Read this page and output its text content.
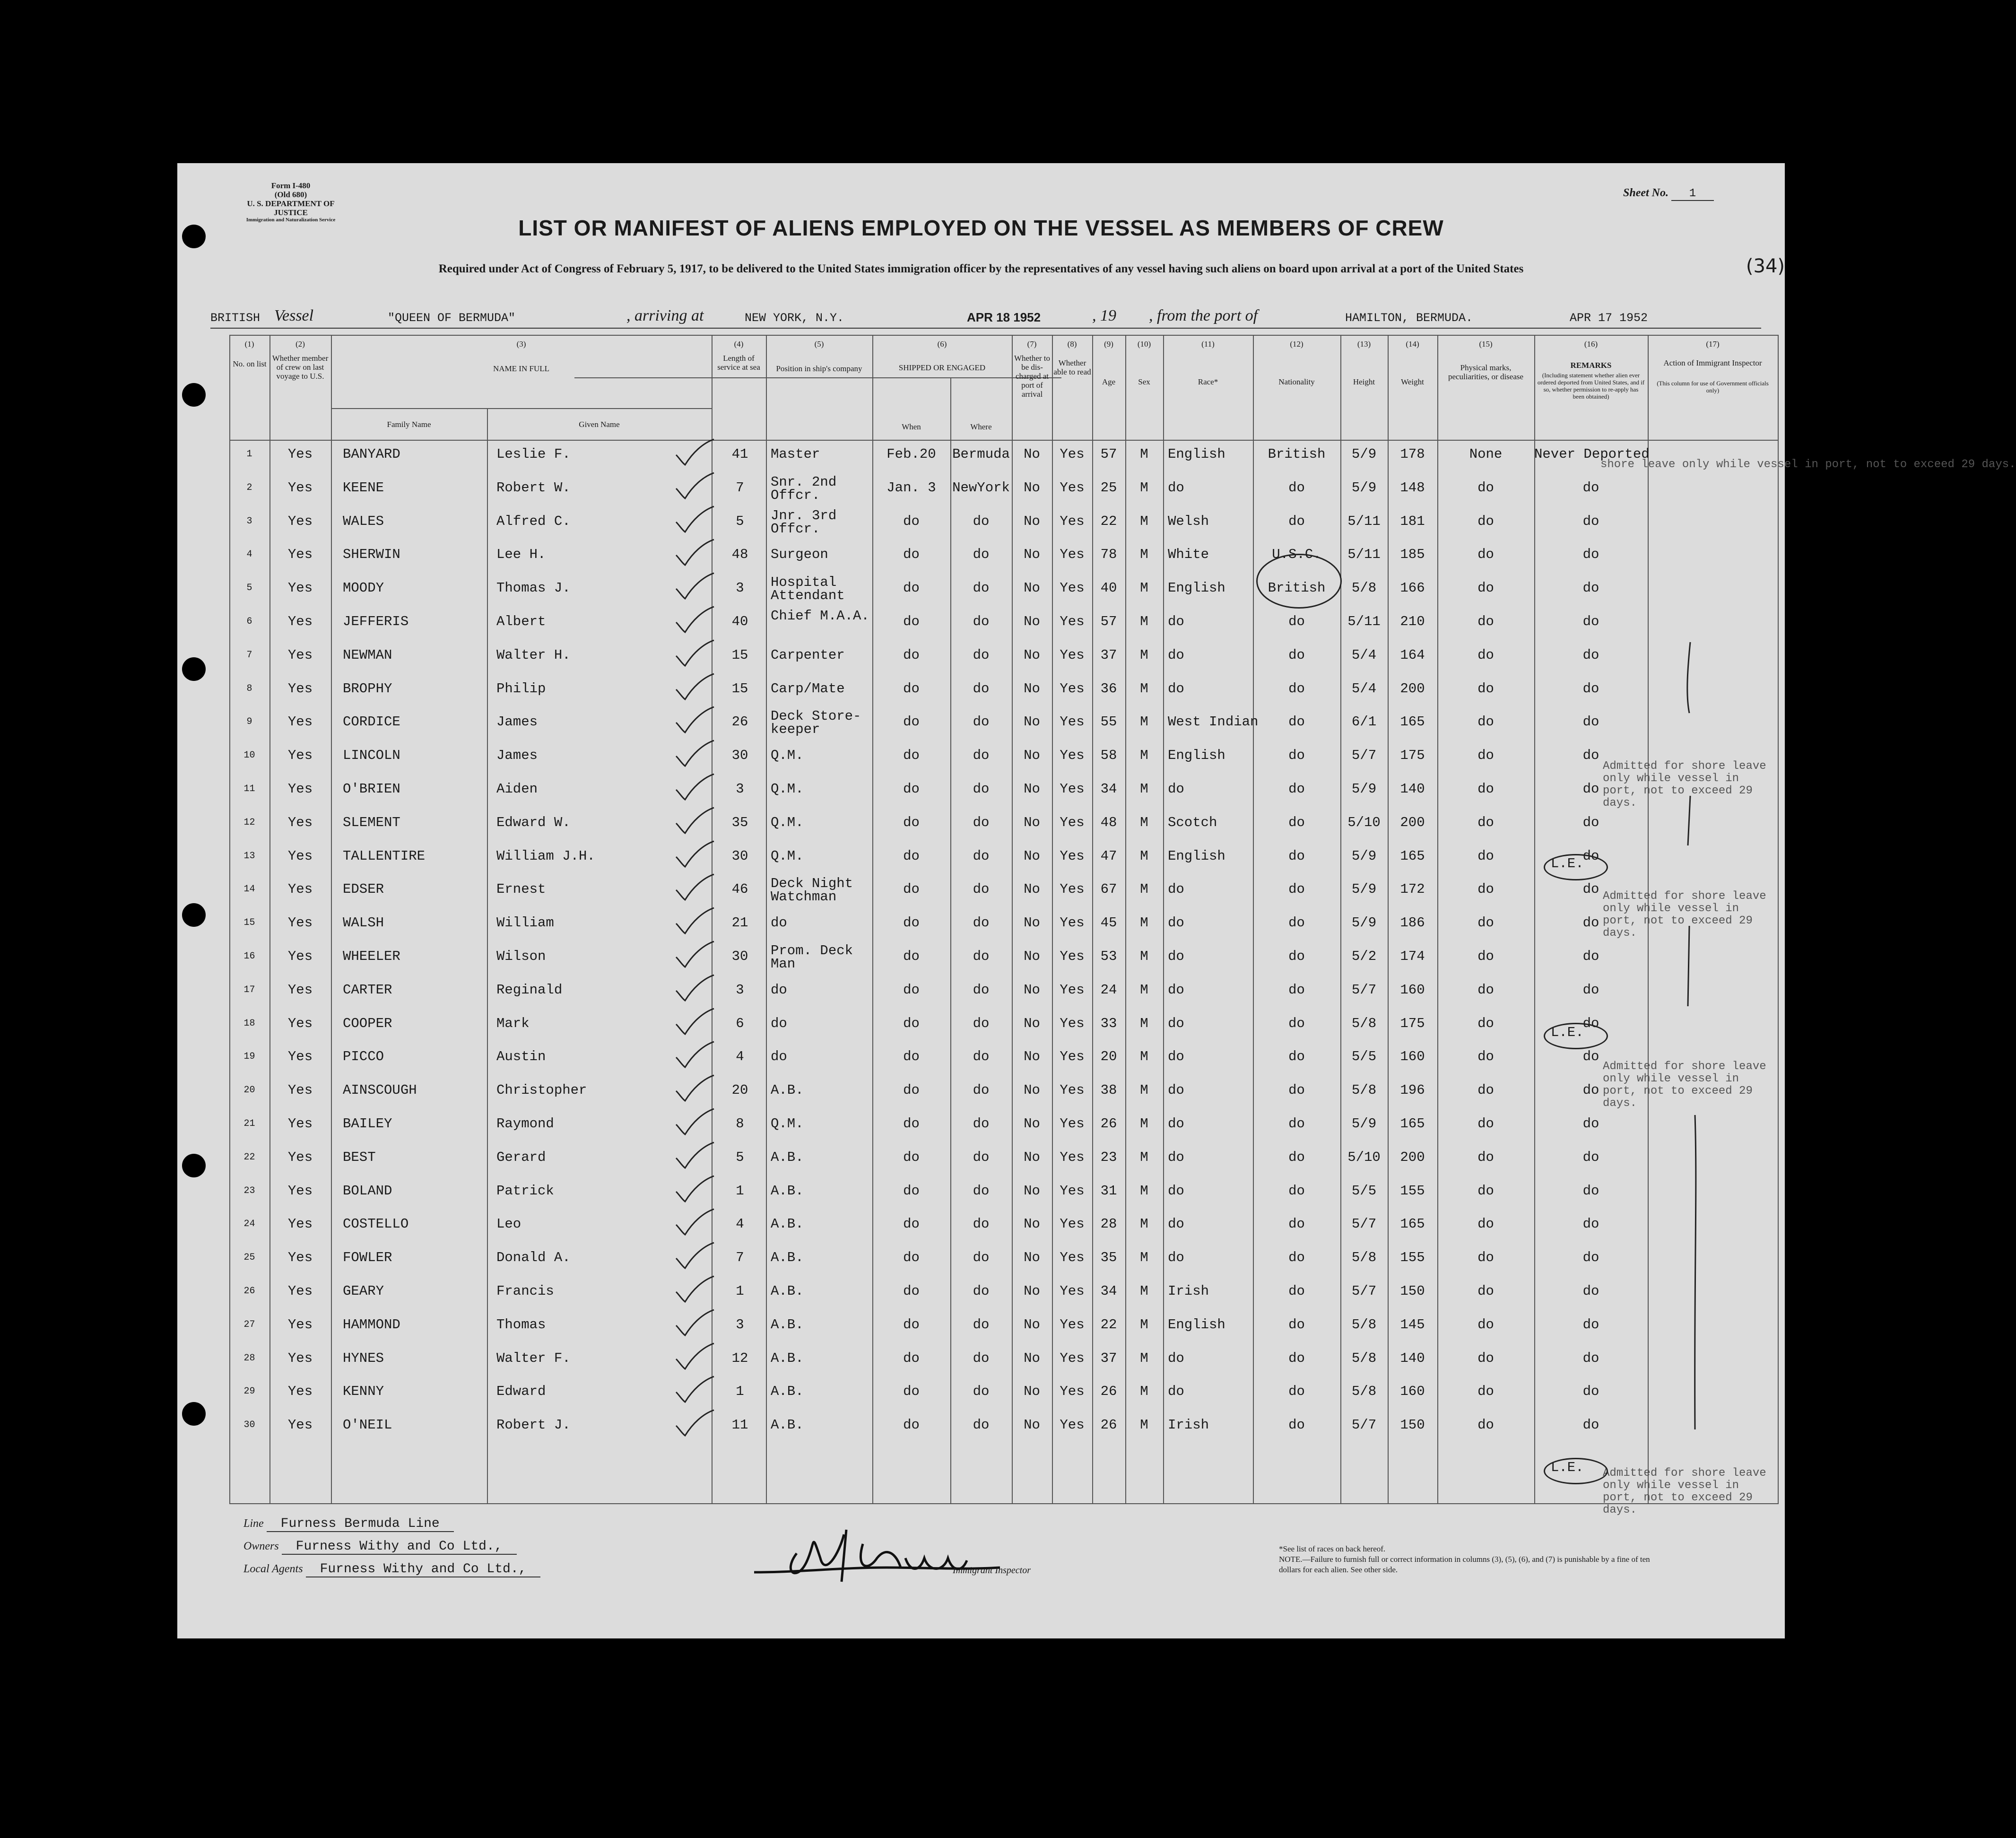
Form I-480
(Old 680)
U. S. DEPARTMENT OF JUSTICE
Immigration and Naturalization Service
Sheet No. 1
(34)
LIST OR MANIFEST OF ALIENS EMPLOYED ON THE VESSEL AS MEMBERS OF CREW
Required under Act of Congress of February 5, 1917, to be delivered to the United States immigration officer by the representatives of any vessel having such aliens on board upon arrival at a port of the United States
BRITISH Vessel	"QUEEN OF BERMUDA"	, arriving at	NEW YORK, N.Y.	APR 18 1952	, 19 , from the port of	HAMILTON, BERMUDA.	APR 17 1952
(1)	(2)	(3)	(4)	(5)	(6)	(7)	(8)	(9)	(10)	(11)	(12)	(13)	(14)	(15)	(16)	(17)
No. on list
Whether member of crew on last voyage to U.S.
NAME IN FULL
Family Name	Given Name
Length of service at sea	Position in ship's company	SHIPPED OR ENGAGED
When	Where
Whether to be dis-charged at port of arrival
Whether able to read
Age	Sex	Race*	Nationality	Height	Weight
Physical marks, peculiarities, or disease
REMARKS
(Including statement whether alien ever ordered deported from United States, and if so, whether permission to re-apply has been obtained)
Action of Immigrant Inspector
(This column for use of Government officials only)
1	Yes	BANYARD	Leslie F.	41	Master	Feb.20	Bermuda	No	Yes	57	M	English	British	5/9	178	None	Never Deported
2	Yes	KEENE	Robert W.	7	Snr. 2nd Offcr.	Jan. 3	NewYork	No	Yes	25	M	do	do	5/9	148	do	do
3	Yes	WALES	Alfred C.	5	Jnr. 3rd Offcr.	do	do	No	Yes	22	M	Welsh	do	5/11	181	do	do
4	Yes	SHERWIN	Lee H.	48	Surgeon	do	do	No	Yes	78	M	White	U.S.C.	5/11	185	do	do
5	Yes	MOODY	Thomas J.	3	Hospital Attendant	do	do	No	Yes	40	M	English	British	5/8	166	do	do
6	Yes	JEFFERIS	Albert	40	Chief M.A.A.	do	do	No	Yes	57	M	do	do	5/11	210	do	do
7	Yes	NEWMAN	Walter H.	15	Carpenter	do	do	No	Yes	37	M	do	do	5/4	164	do	do
8	Yes	BROPHY	Philip	15	Carp/Mate	do	do	No	Yes	36	M	do	do	5/4	200	do	do
9	Yes	CORDICE	James	26	Deck Store-keeper	do	do	No	Yes	55	M	West Indian	do	6/1	165	do	do
10	Yes	LINCOLN	James	30	Q.M.	do	do	No	Yes	58	M	English	do	5/7	175	do	do
11	Yes	O'BRIEN	Aiden	3	Q.M.	do	do	No	Yes	34	M	do	do	5/9	140	do	do
12	Yes	SLEMENT	Edward W.	35	Q.M.	do	do	No	Yes	48	M	Scotch	do	5/10	200	do	do
13	Yes	TALLENTIRE	William J.H.	30	Q.M.	do	do	No	Yes	47	M	English	do	5/9	165	do	do
14	Yes	EDSER	Ernest	46	Deck Night Watchman	do	do	No	Yes	67	M	do	do	5/9	172	do	do
15	Yes	WALSH	William	21	do	do	do	No	Yes	45	M	do	do	5/9	186	do	do
16	Yes	WHEELER	Wilson	30	Prom. Deck Man	do	do	No	Yes	53	M	do	do	5/2	174	do	do
17	Yes	CARTER	Reginald	3	do	do	do	No	Yes	24	M	do	do	5/7	160	do	do
18	Yes	COOPER	Mark	6	do	do	do	No	Yes	33	M	do	do	5/8	175	do	do
19	Yes	PICCO	Austin	4	do	do	do	No	Yes	20	M	do	do	5/5	160	do	do
20	Yes	AINSCOUGH	Christopher	20	A.B.	do	do	No	Yes	38	M	do	do	5/8	196	do	do
21	Yes	BAILEY	Raymond	8	Q.M.	do	do	No	Yes	26	M	do	do	5/9	165	do	do
22	Yes	BEST	Gerard	5	A.B.	do	do	No	Yes	23	M	do	do	5/10	200	do	do
23	Yes	BOLAND	Patrick	1	A.B.	do	do	No	Yes	31	M	do	do	5/5	155	do	do
24	Yes	COSTELLO	Leo	4	A.B.	do	do	No	Yes	28	M	do	do	5/7	165	do	do
25	Yes	FOWLER	Donald A.	7	A.B.	do	do	No	Yes	35	M	do	do	5/8	155	do	do
26	Yes	GEARY	Francis	1	A.B.	do	do	No	Yes	34	M	Irish	do	5/7	150	do	do
27	Yes	HAMMOND	Thomas	3	A.B.	do	do	No	Yes	22	M	English	do	5/8	145	do	do
28	Yes	HYNES	Walter F.	12	A.B.	do	do	No	Yes	37	M	do	do	5/8	140	do	do
29	Yes	KENNY	Edward	1	A.B.	do	do	No	Yes	26	M	do	do	5/8	160	do	do
30	Yes	O'NEIL	Robert J.	11	A.B.	do	do	No	Yes	26	M	Irish	do	5/7	150	do	do
shore leave only while vessel in port, not to exceed 29 days.
Admitted for shore leave only while vessel in port, not to exceed 29 days.
Admitted for shore leave only while vessel in port, not to exceed 29 days.
Admitted for shore leave only while vessel in port, not to exceed 29 days.
Admitted for shore leave only while vessel in port, not to exceed 29 days.
L.E.
L.E.
L.E.
Line Furness Bermuda Line
Owners Furness Withy and Co Ltd.,
Local Agents Furness Withy and Co Ltd.,	Immigrant Inspector
*See list of races on back hereof.
NOTE.—Failure to furnish full or correct information in columns (3), (5), (6), and (7) is punishable by a fine of ten dollars for each alien. See other side.
